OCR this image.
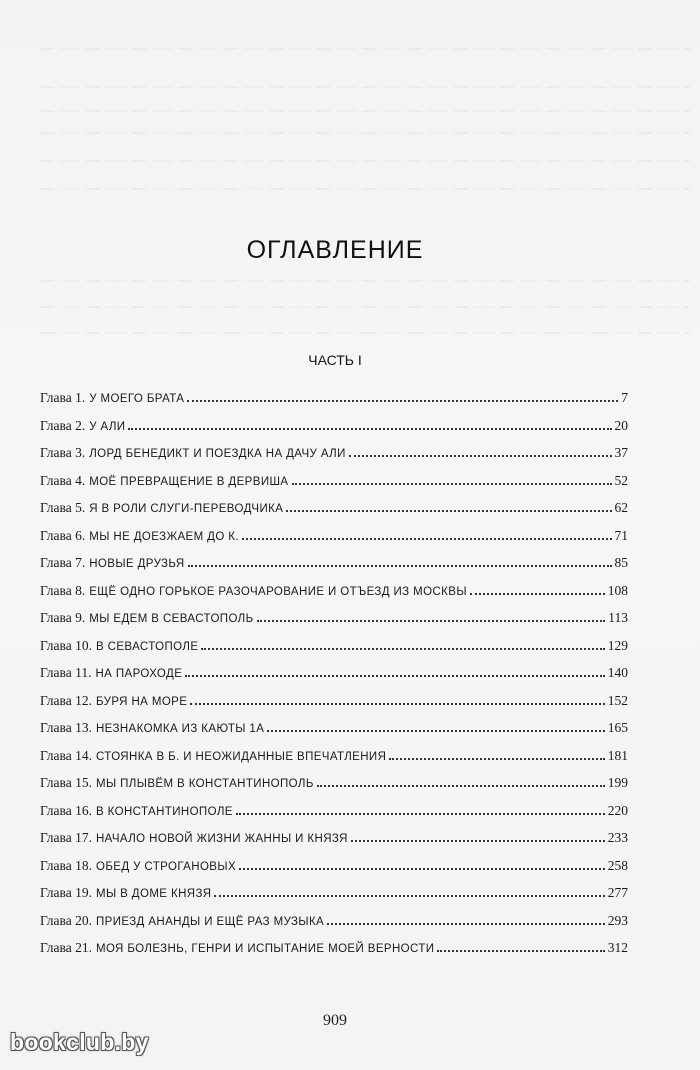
ОГЛАВЛЕНИЕ
ЧАСТЬ I
Глава 1. У МОЕГО БРАТА	7
Глава 2. У АЛИ	20
Глава 3. ЛОРД БЕНЕДИКТ И ПОЕЗДКА НА ДАЧУ АЛИ	37
Глава 4. МОЁ ПРЕВРАЩЕНИЕ В ДЕРВИША	52
Глава 5. Я В РОЛИ СЛУГИ-ПЕРЕВОДЧИКА	62
Глава 6. МЫ НЕ ДОЕЗЖАЕМ ДО К.	71
Глава 7. НОВЫЕ ДРУЗЬЯ	85
Глава 8. ЕЩЁ ОДНО ГОРЬКОЕ РАЗОЧАРОВАНИЕ И ОТЪЕЗД ИЗ МОСКВЫ	108
Глава 9. МЫ ЕДЕМ В СЕВАСТОПОЛЬ	113
Глава 10. В СЕВАСТОПОЛЕ	129
Глава 11. НА ПАРОХОДЕ	140
Глава 12. БУРЯ НА МОРЕ	152
Глава 13. НЕЗНАКОМКА ИЗ КАЮТЫ 1А	165
Глава 14. СТОЯНКА В Б. И НЕОЖИДАННЫЕ ВПЕЧАТЛЕНИЯ	181
Глава 15. МЫ ПЛЫВЁМ В КОНСТАНТИНОПОЛЬ	199
Глава 16. В КОНСТАНТИНОПОЛЕ	220
Глава 17. НАЧАЛО НОВОЙ ЖИЗНИ ЖАННЫ И КНЯЗЯ	233
Глава 18. ОБЕД У СТРОГАНОВЫХ	258
Глава 19. МЫ В ДОМЕ КНЯЗЯ	277
Глава 20. ПРИЕЗД АНАНДЫ И ЕЩЁ РАЗ МУЗЫКА	293
Глава 21. МОЯ БОЛЕЗНЬ, ГЕНРИ И ИСПЫТАНИЕ МОЕЙ ВЕРНОСТИ	312
909
bookclub.by
